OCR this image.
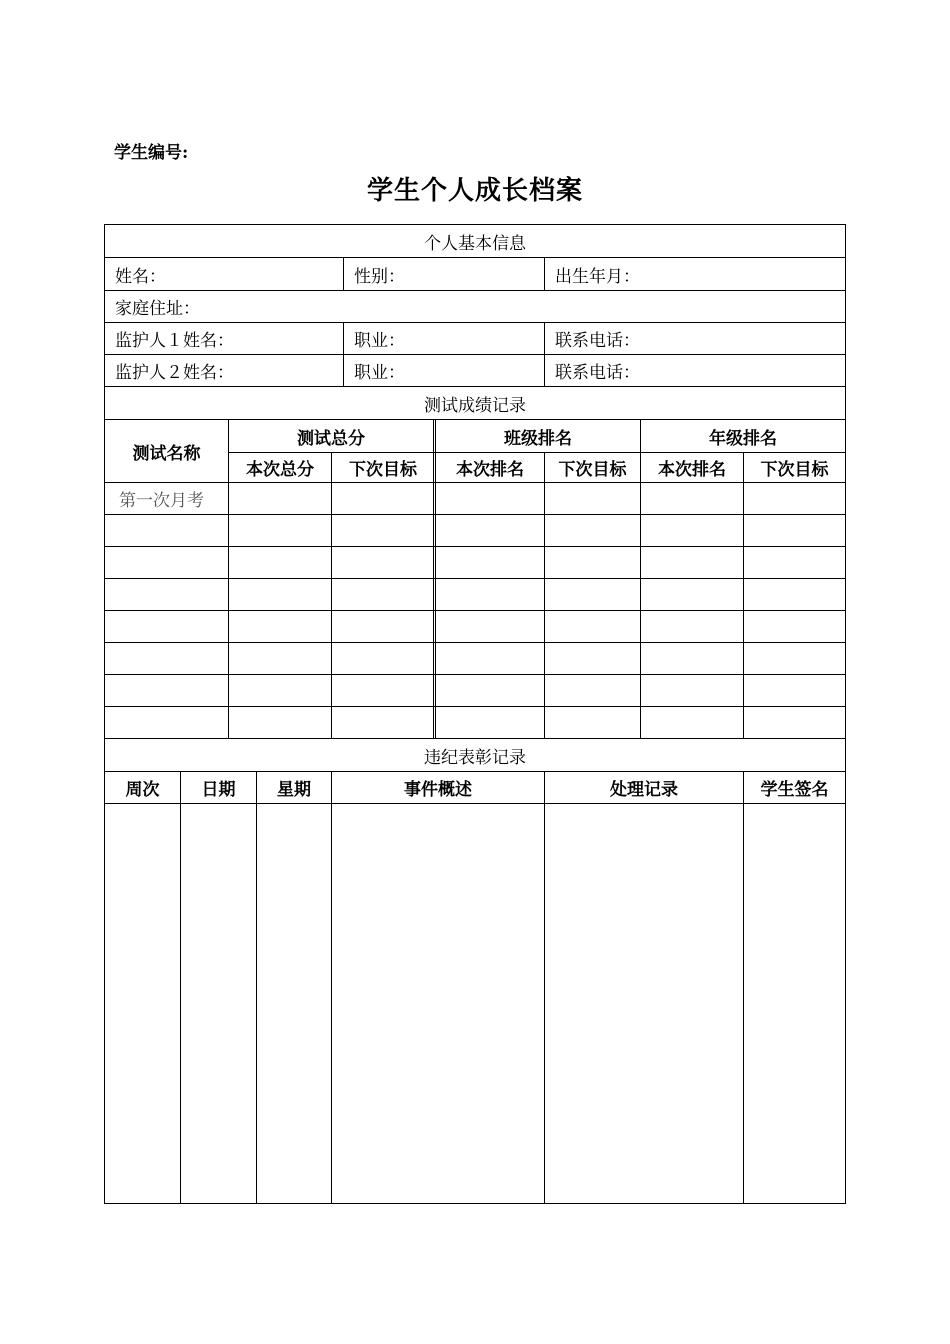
学生编号:
学生个人成长档案
个人基本信息
姓名：	性别：	出生年月：
家庭住址：
监护人１姓名：	职业：	联系电话：
监护人２姓名：	职业：	联系电话：
测试成绩记录
测试名称
测试总分	班级排名	年级排名
本次总分	下次目标	本次排名	下次目标	本次排名	下次目标
第一次月考
违纪表彰记录
周次	日期	星期	事件概述	处理记录	学生签名
